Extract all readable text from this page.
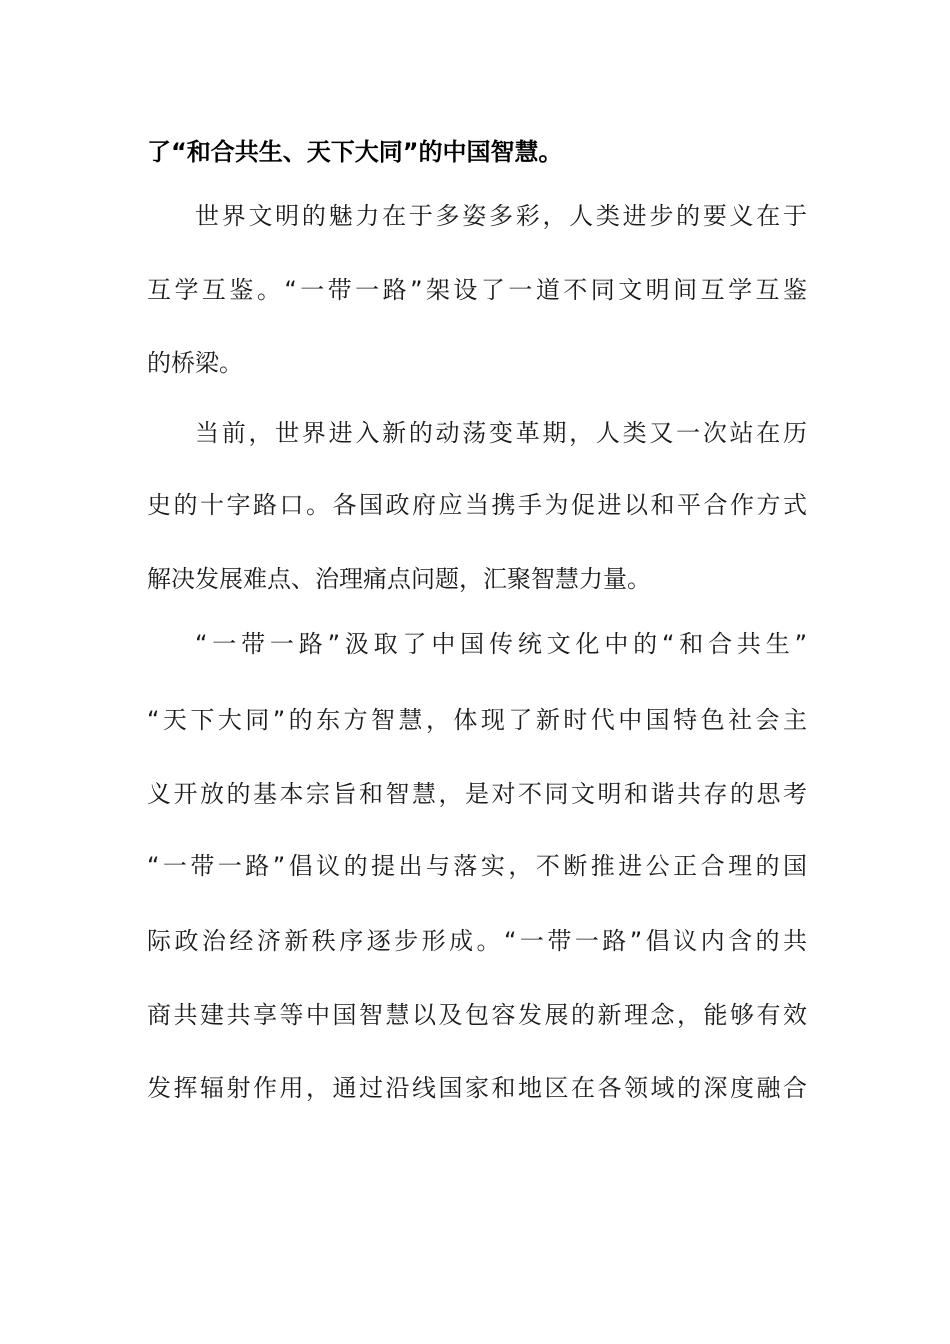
了“和合共生、天下大同”的中国智慧。
世界文明的魅力在于多姿多彩，人类进步的要义在于
互学互鉴。“一带一路”架设了一道不同文明间互学互鉴
的桥梁。
当前，世界进入新的动荡变革期，人类又一次站在历
史的十字路口。各国政府应当携手为促进以和平合作方式
解决发展难点、治理痛点问题，汇聚智慧力量。
“一带一路”汲取了中国传统文化中的“和合共生”
“天下大同”的东方智慧，体现了新时代中国特色社会主
义开放的基本宗旨和智慧，是对不同文明和谐共存的思考
“一带一路”倡议的提出与落实，不断推进公正合理的国
际政治经济新秩序逐步形成。“一带一路”倡议内含的共
商共建共享等中国智慧以及包容发展的新理念，能够有效
发挥辐射作用，通过沿线国家和地区在各领域的深度融合
